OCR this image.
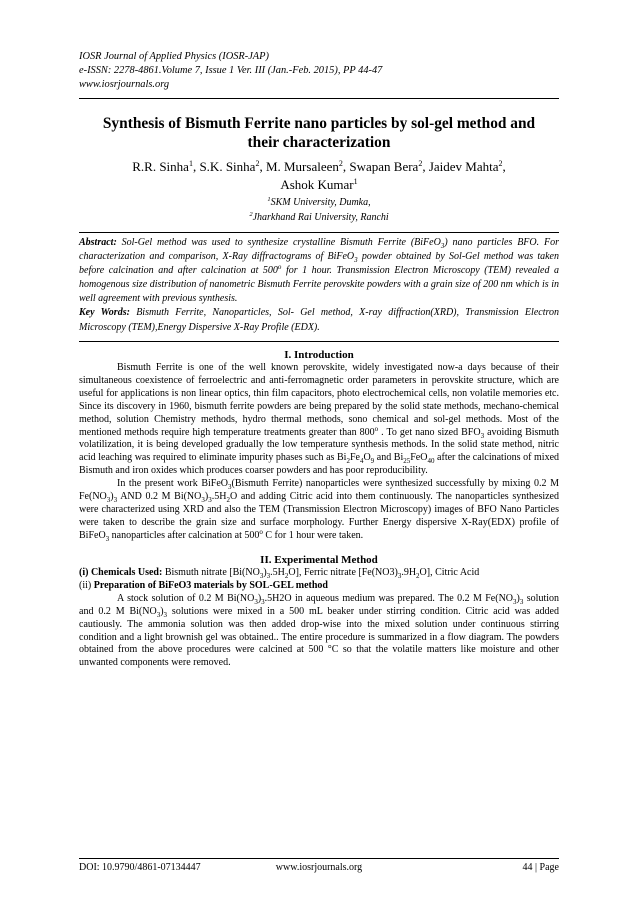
IOSR Journal of Applied Physics (IOSR-JAP)
e-ISSN: 2278-4861.Volume 7, Issue 1 Ver. III (Jan.-Feb. 2015), PP 44-47
www.iosrjournals.org
Synthesis of Bismuth Ferrite nano particles by sol-gel method and
their characterization
R.R. Sinha$^1$, S.K. Sinha$^2$, M. Mursaleen$^2$, Swapan Bera$^2$, Jaidev Mahta$^2$,
Ashok Kumar$^1$
$^1$SKM University, Dumka,
$^2$Jharkhand Rai University, Ranchi

Abstract: Sol-Gel method was used to synthesize crystalline Bismuth Ferrite (BiFeO$_3$) nano particles BFO. For characterization and comparison, X-Ray diffractograms of BiFeO$_3$ powder obtained by Sol-Gel method was taken before calcination and after calcination at 500$^o$ for 1 hour. Transmission Electron Microscopy (TEM) revealed a homogenous size distribution of nanometric Bismuth Ferrite perovskite powders with a grain size of 200 nm which is in well agreement with previous synthesis.

Key Words: Bismuth Ferrite, Nanoparticles, Sol- Gel method, X-ray diffraction(XRD), Transmission Electron Microscopy (TEM),Energy Dispersive X-Ray Profile (EDX).

I. Introduction

Bismuth Ferrite is one of the well known perovskite, widely investigated now-a days because of their simultaneous coexistence of ferroelectric and anti-ferromagnetic order parameters in perovskite structure, which are useful for applications is non linear optics, thin film capacitors, photo electrochemical cells, non volatile memories etc. Since its discovery in 1960, bismuth ferrite powders are being prepared by the solid state methods, mechano-chemical method, solution Chemistry methods, hydro thermal methods, sono chemical and sol-gel methods. Most of the mentioned methods require high temperature treatments greater than 800$^o$ . To get nano sized $BFO_3$ avoiding Bismuth volatilization, it is being developed gradually the low temperature synthesis methods. In the solid state method, nitric acid leaching was required to eliminate impurity phases such as $Bi_2Fe_4O_9$ and $Bi_{25}FeO_{40}$ after the calcinations of mixed Bismuth and iron oxides which produces coarser powders and has poor reproducibility.

In the present work BiFeO$_3$(Bismuth Ferrite) nanoparticles were synthesized successfully by mixing 0.2 M $Fe(NO_3)_3$ AND 0.2 M $Bi(NO_3)_3.5H_2O$ and adding Citric acid into them continuously. The nanoparticles synthesized were characterized using XRD and also the TEM (Transmission Electron Microscopy) images of BFO Nano Particles were taken to describe the grain size and surface morphology. Further Energy dispersive X-Ray(EDX) profile of BiFeO$_3$ nanoparticles after calcination at 500$^o$ C for 1 hour were taken.

II. Experimental Method

(i) Chemicals Used: Bismuth nitrate $[Bi(NO_3)_3.5H_2O]$, Ferric nitrate $[Fe(NO3)_3.9H_2O]$, Citric Acid

(ii) Preparation of BiFeO3 materials by SOL-GEL method

A stock solution of 0.2 M $Bi(NO_3)_3.5H2O$ in aqueous medium was prepared. The 0.2 M $Fe(NO_3)_3$ solution and 0.2 M $Bi(NO_3)_3$ solutions were mixed in a 500 mL beaker under stirring condition. Citric acid was added cautiously. The ammonia solution was then added drop-wise into the mixed solution under continuous stirring condition and a light brownish gel was obtained.. The entire procedure is summarized in a flow diagram. The powders obtained from the above procedures were calcined at 500 °C so that the volatile matters like moisture and other unwanted components were removed.

DOI: 10.9790/4861-07134447	www.iosrjournals.org	44 | Page
